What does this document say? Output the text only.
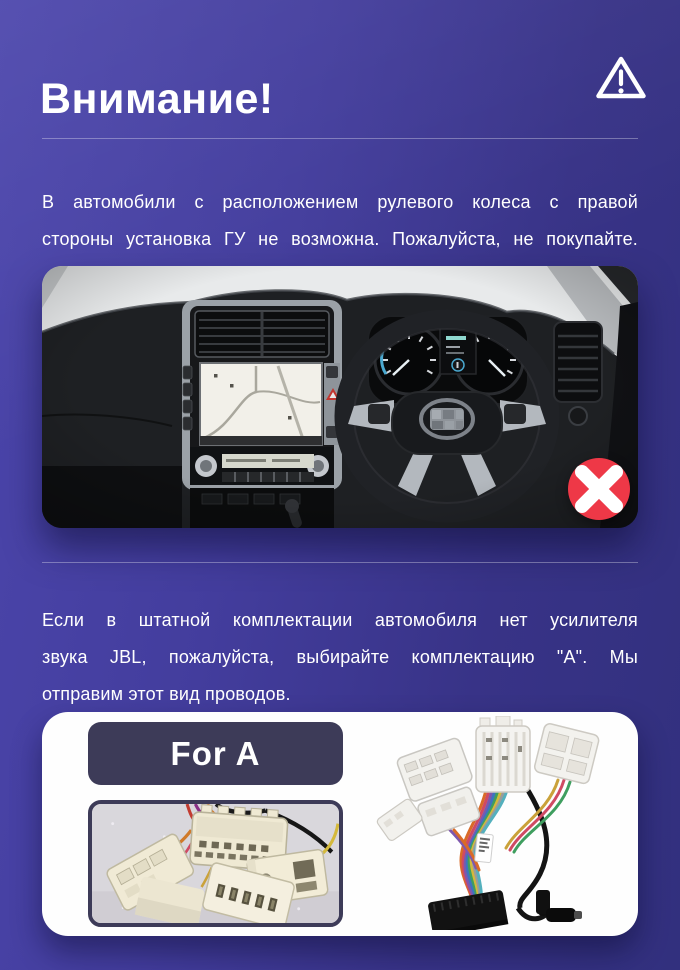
Внимание!

В автомобили с расположением рулевого колеса с правой
стороны установка ГУ не возможна. Пожалуйста, не покупайте.

Если в штатной комплектации автомобиля нет усилителя
звука JBL, пожалуйста, выбирайте комплектацию "A". Мы
отправим этот вид проводов.

For A
